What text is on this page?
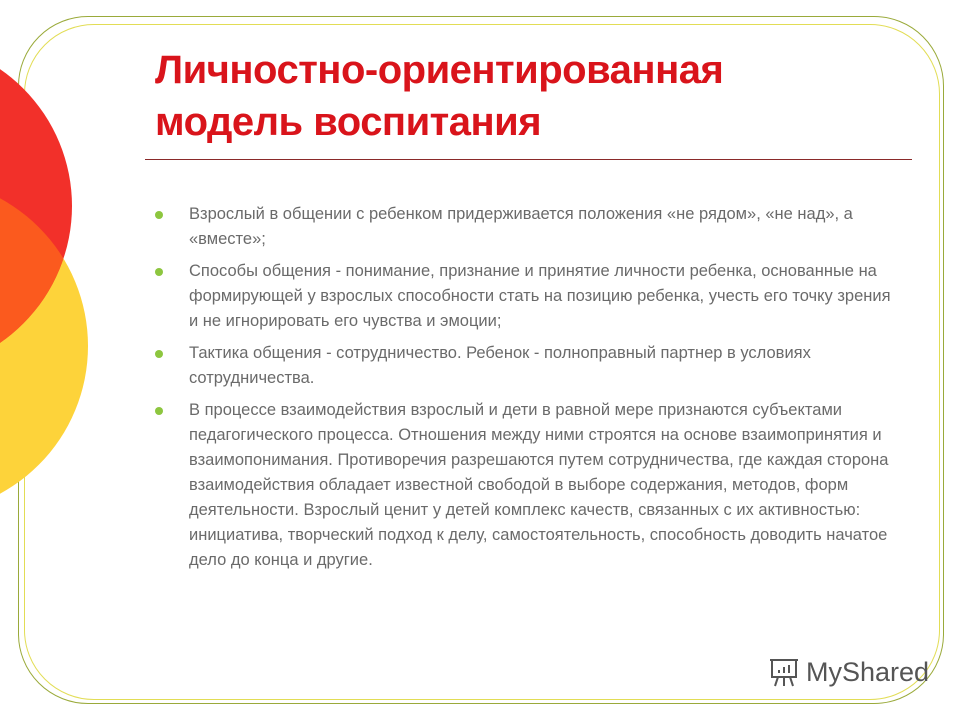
Личностно-ориентированная
модель воспитания
Взрослый в общении с ребенком придерживается положения «не рядом», «не над», а «вместе»;
Способы общения - понимание, признание и принятие личности ребенка, основанные на формирующей у взрослых способности стать на позицию ребенка, учесть его точку зрения и не игнорировать его чувства и эмоции;
Тактика общения - сотрудничество. Ребенок - полноправный партнер в условиях сотрудничества.
В процессе взаимодействия взрослый и дети в равной мере признаются субъектами педагогического процесса. Отношения между ними строятся на основе взаимопринятия и взаимопонимания. Противоречия разрешаются путем сотрудничества, где каждая сторона взаимодействия обладает известной свободой в выборе содержания, методов, форм деятельности. Взрослый ценит у детей комплекс качеств, связанных с их активностью: инициатива, творческий подход к делу, самостоятельность, способность доводить начатое дело до конца и другие.
MyShared
